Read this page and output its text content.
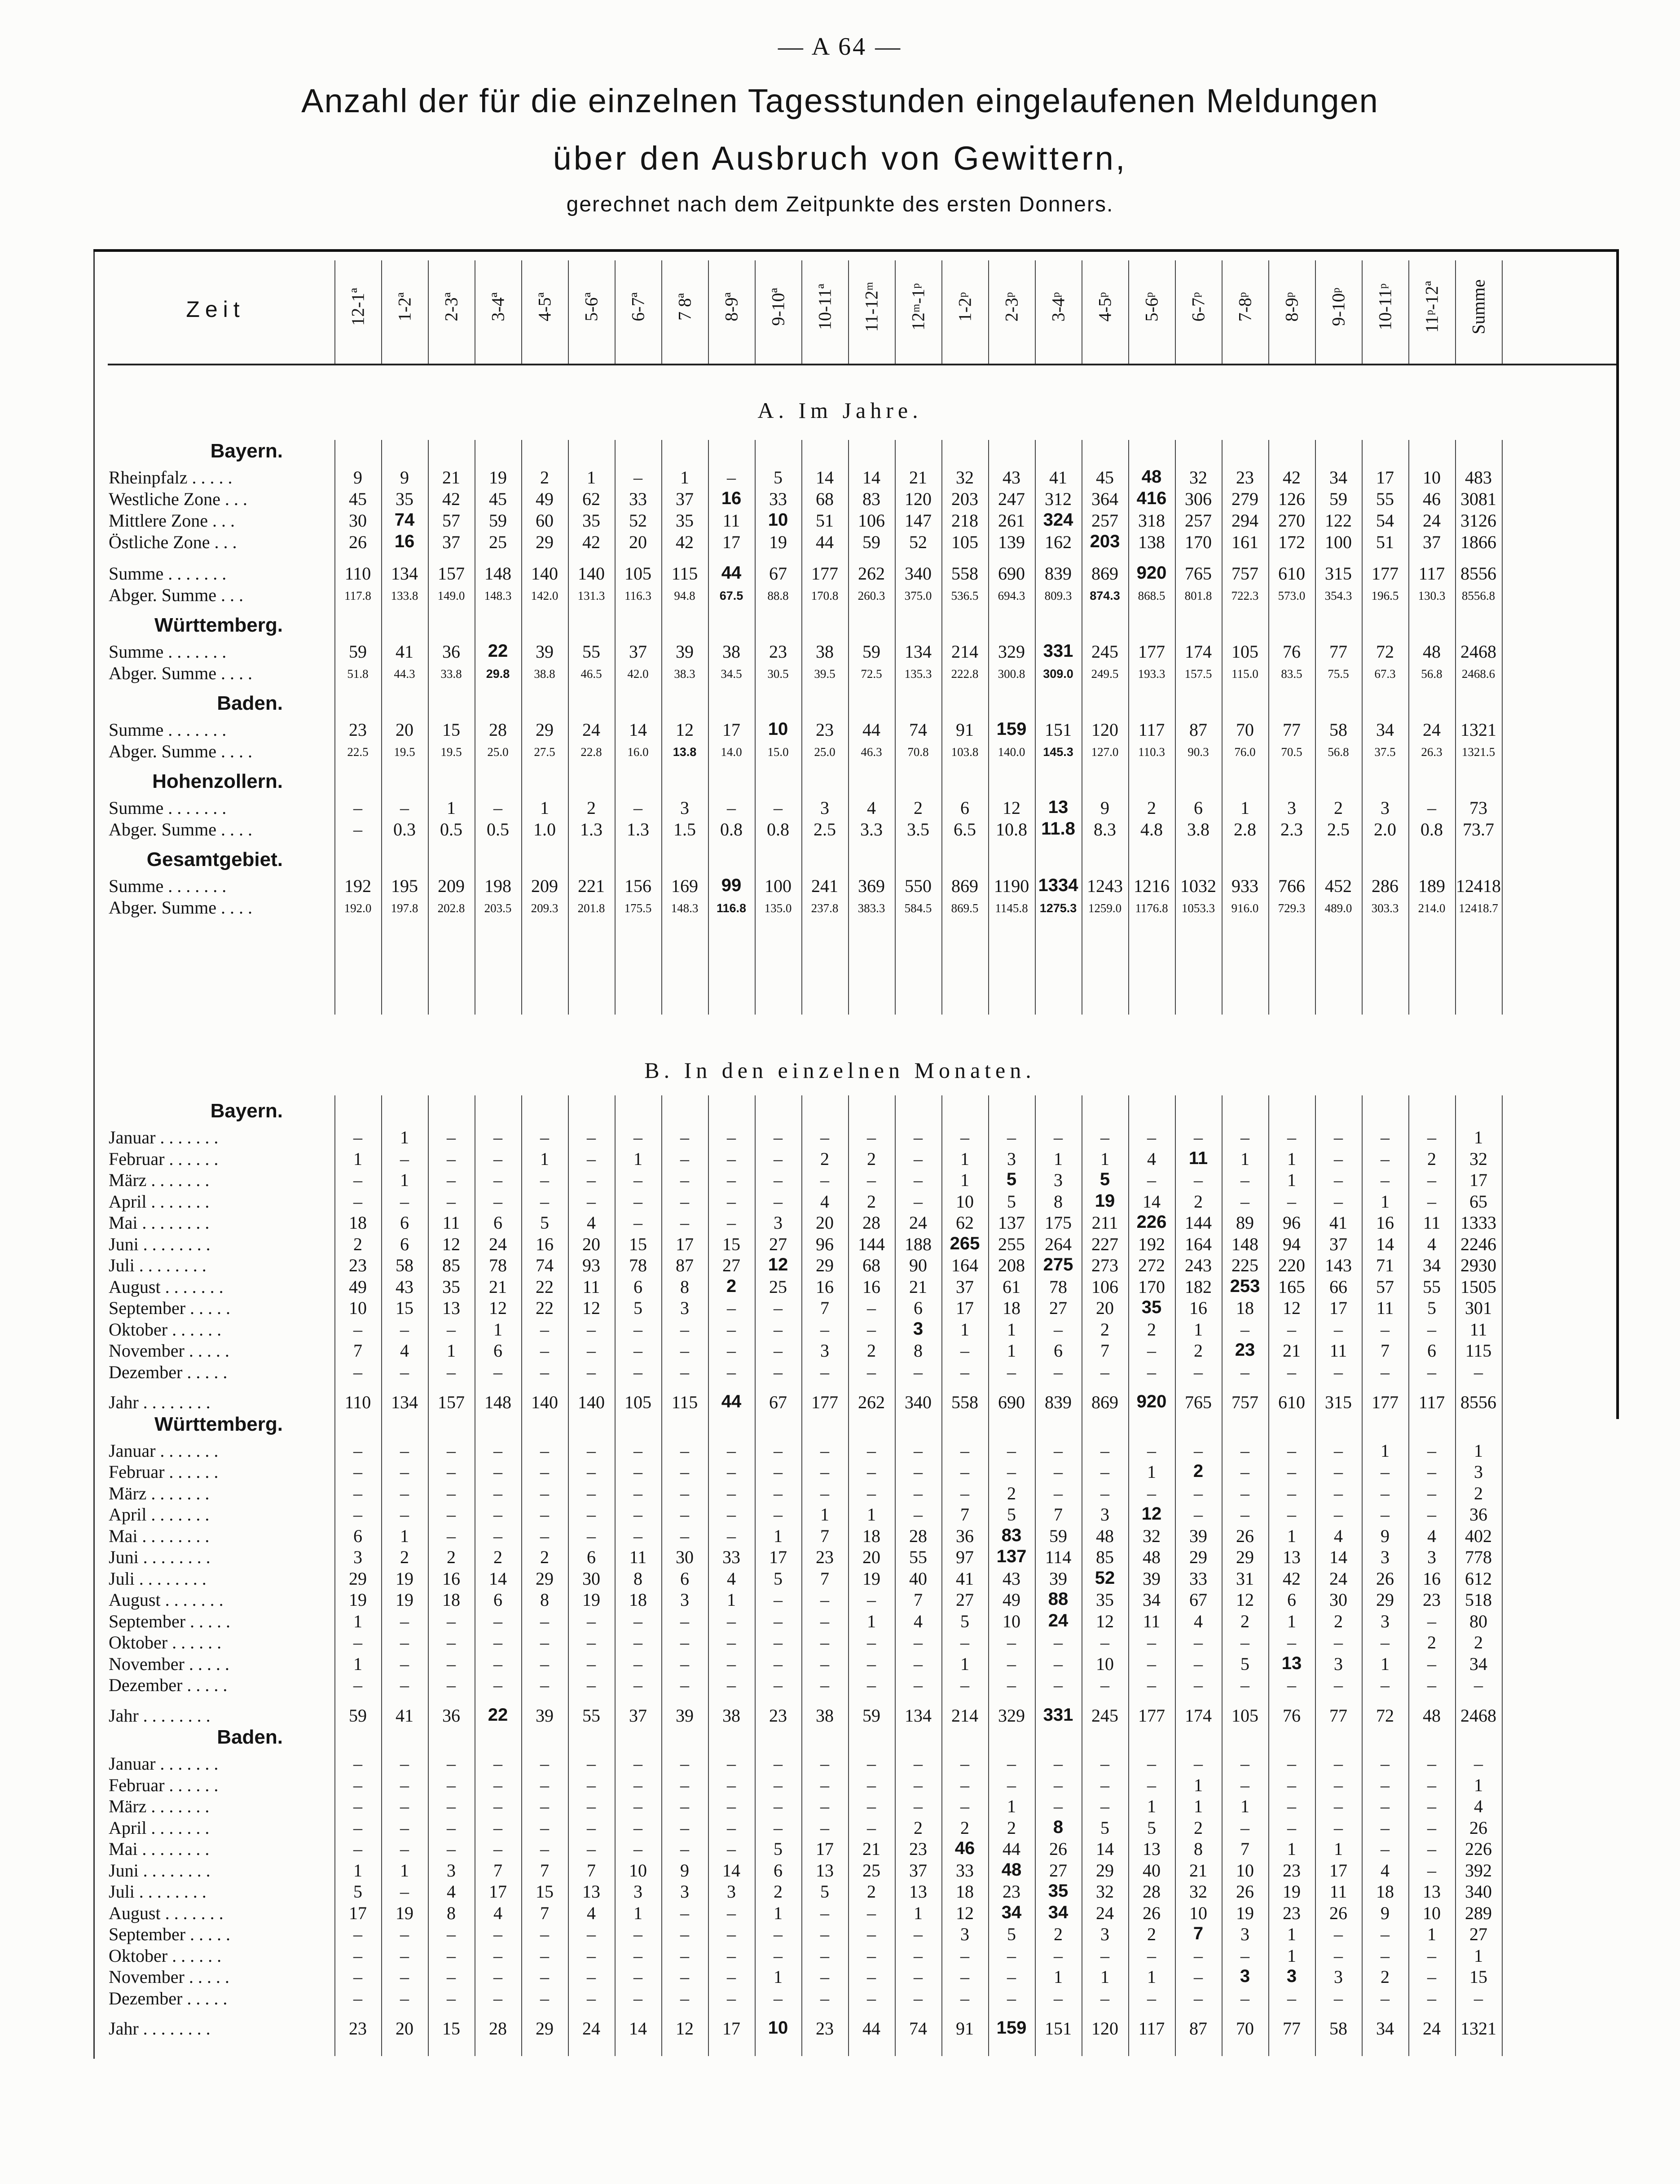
— A 64 —
Anzahl der für die einzelnen Tagesstunden eingelaufenen Meldungen
über den Ausbruch von Gewittern,
gerechnet nach dem Zeitpunkte des ersten Donners.
Zeit	12-1ª 1-2ª 2-3ª 3-4ª 4-5ª 5-6ª 6-7ª 7 8ª 8-9ª 9-10ª 10-11ª 11-12ᵐ 12ᵐ-1ᵖ 1-2ᵖ 2-3ᵖ 3-4ᵖ 4-5ᵖ 5-6ᵖ 6-7ᵖ 7-8ᵖ 8-9ᵖ 9-10ᵖ 10-11ᵖ 11ᵖ-12ª Summe
A. Im Jahre.
B. In den einzelnen Monaten.
Bayern.
Rheinpfalz . . . . .	9	9	21	19	2	1	–	1	–	5	14	14	21	32	43	41	45	48	32	23	42	34	17	10	483
Westliche Zone . . .	45	35	42	45	49	62	33	37	16	33	68	83	120	203	247	312	364	416	306	279	126	59	55	46	3081
Mittlere Zone . . .	30	74	57	59	60	35	52	35	11	10	51	106	147	218	261	324	257	318	257	294	270	122	54	24	3126
Östliche Zone . . .	26	16	37	25	29	42	20	42	17	19	44	59	52	105	139	162	203	138	170	161	172	100	51	37	1866
Summe . . . . . . .	110	134	157	148	140	140	105	115	44	67	177	262	340	558	690	839	869	920	765	757	610	315	177	117 8556
Abger. Summe . . .	117.8	133.8	149.0	148.3	142.0	131.3	116.3	94.8	67.5	88.8	170.8	260.3	375.0	536.5	694.3	809.3	874.3	868.5	801.8	722.3	573.0	354.3	196.5	130.3	8556.8
Württemberg.
Summe . . . . . . .	59	41	36	22	39	55	37	39	38	23	38	59	134	214	329	331	245	177	174	105	76	77	72	48	2468
Abger. Summe . . . .	51.8	44.3	33.8	29.8	38.8	46.5	42.0	38.3	34.5	30.5	39.5	72.5	135.3	222.8	300.8	309.0	249.5	193.3	157.5	115.0	83.5	75.5	67.3	56.8	2468.6
Baden.
Summe . . . . . . .	23	20	15	28	29	24	14	12	17	10	23	44	74	91	159	151	120	117	87	70	77	58	34	24	1321
Abger. Summe . . . .	22.5	19.5	19.5	25.0	27.5	22.8	16.0	13.8	14.0	15.0	25.0	46.3	70.8	103.8	140.0	145.3	127.0	110.3	90.3	76.0	70.5	56.8	37.5	26.3	1321.5
Hohenzollern.
Summe . . . . . . .	–	–	1	–	1	2	–	3	–	–	3	4	2	6	12	13	9	2	6	1	3	2	3	–	73
Abger. Summe . . . .	–	0.3	0.5	0.5	1.0	1.3	1.3	1.5	0.8	0.8	2.5	3.3	3.5	6.5	10.8 11.8	8.3	4.8	3.8	2.8	2.3	2.5	2.0	0.8	73.7
Gesamtgebiet.
Summe . . . . . . .	192	195	209	198	209	221	156	169	99	100	241	369	550	869 1190 1334 1243 1216 1032 933	766	452	286	189 12418
Abger. Summe . . . .	192.0	197.8	202.8	203.5	209.3	201.8	175.5	148.3	116.8	135.0	237.8	383.3	584.5	869.5	1145.8 1275.3 1259.0	1176.8	1053.3	916.0	729.3	489.0	303.3	214.0	12418.7
Bayern.
Januar . . . . . . .	–	1	–	–	–	–	–	–	–	–	–	–	–	–	–	–	–	–	–	–	–	–	–	–	1
Februar . . . . . .	1	–	–	–	1	–	1	–	–	–	2	2	–	1	3	1	1	4	11	1	1	–	–	2	32
März . . . . . . .	–	1	–	–	–	–	–	–	–	–	–	–	–	1	5	3	5	–	–	–	1	–	–	–	17
April . . . . . . .	–	–	–	–	–	–	–	–	–	–	4	2	–	10	5	8	19	14	2	–	–	–	1	–	65
Mai . . . . . . . .	18	6	11	6	5	4	–	–	–	3	20	28	24	62	137	175	211	226	144	89	96	41	16	11	1333
Juni . . . . . . . .	2	6	12	24	16	20	15	17	15	27	96	144	188	265	255	264	227	192	164	148	94	37	14	4	2246
Juli . . . . . . . .	23	58	85	78	74	93	78	87	27	12	29	68	90	164	208	275	273	272	243	225	220	143	71	34	2930
August . . . . . . .	49	43	35	21	22	11	6	8	2	25	16	16	21	37	61	78	106	170	182	253	165	66	57	55	1505
September . . . . .	10	15	13	12	22	12	5	3	–	–	7	–	6	17	18	27	20	35	16	18	12	17	11	5	301
Oktober . . . . . .	–	–	–	1	–	–	–	–	–	–	–	–	3	1	1	–	2	2	1	–	–	–	–	–	11
November . . . . .	7	4	1	6	–	–	–	–	–	–	3	2	8	–	1	6	7	–	2	23	21	11	7	6	115
Dezember . . . . .	–	–	–	–	–	–	–	–	–	–	–	–	–	–	–	–	–	–	–	–	–	–	–	–	–
Jahr . . . . . . . .	110	134	157	148	140	140	105	115	44	67	177	262	340	558	690	839	869	920	765	757	610	315	177	117 8556
Württemberg.
Januar . . . . . . .	–	–	–	–	–	–	–	–	–	–	–	–	–	–	–	–	–	–	–	–	–	–	1	–	1
Februar . . . . . .	–	–	–	–	–	–	–	–	–	–	–	–	–	–	–	–	–	1	2	–	–	–	–	–	3
März . . . . . . .	–	–	–	–	–	–	–	–	–	–	–	–	–	–	2	–	–	–	–	–	–	–	–	–	2
April . . . . . . .	–	–	–	–	–	–	–	–	–	–	1	1	–	7	5	7	3	12	–	–	–	–	–	–	36
Mai . . . . . . . .	6	1	–	–	–	–	–	–	–	1	7	18	28	36	83	59	48	32	39	26	1	4	9	4	402
Juni . . . . . . . .	3	2	2	2	2	6	11	30	33	17	23	20	55	97	137	114	85	48	29	29	13	14	3	3	778
Juli . . . . . . . .	29	19	16	14	29	30	8	6	4	5	7	19	40	41	43	39	52	39	33	31	42	24	26	16	612
August . . . . . . .	19	19	18	6	8	19	18	3	1	–	–	–	7	27	49	88	35	34	67	12	6	30	29	23	518
September . . . . .	1	–	–	–	–	–	–	–	–	–	–	1	4	5	10	24	12	11	4	2	1	2	3	–	80
Oktober . . . . . .	–	–	–	–	–	–	–	–	–	–	–	–	–	–	–	–	–	–	–	–	–	–	–	2	2
November . . . . .	1	–	–	–	–	–	–	–	–	–	–	–	–	1	–	–	10	–	–	5	13	3	1	–	34
Dezember . . . . .	–	–	–	–	–	–	–	–	–	–	–	–	–	–	–	–	–	–	–	–	–	–	–	–	–
Jahr . . . . . . . .	59	41	36	22	39	55	37	39	38	23	38	59	134	214	329	331	245	177	174	105	76	77	72	48	2468
Baden.
Januar . . . . . . .	–	–	–	–	–	–	–	–	–	–	–	–	–	–	–	–	–	–	–	–	–	–	–	–	–
Februar . . . . . .	–	–	–	–	–	–	–	–	–	–	–	–	–	–	–	–	–	–	1	–	–	–	–	–	1
März . . . . . . .	–	–	–	–	–	–	–	–	–	–	–	–	–	–	1	–	–	1	1	1	–	–	–	–	4
April . . . . . . .	–	–	–	–	–	–	–	–	–	–	–	–	2	2	2	8	5	5	2	–	–	–	–	–	26
Mai . . . . . . . .	–	–	–	–	–	–	–	–	–	5	17	21	23	46	44	26	14	13	8	7	1	1	–	–	226
Juni . . . . . . . .	1	1	3	7	7	7	10	9	14	6	13	25	37	33	48	27	29	40	21	10	23	17	4	–	392
Juli . . . . . . . .	5	–	4	17	15	13	3	3	3	2	5	2	13	18	23	35	32	28	32	26	19	11	18	13	340
August . . . . . . .	17	19	8	4	7	4	1	–	–	1	–	–	1	12	34	34	24	26	10	19	23	26	9	10	289
September . . . . .	–	–	–	–	–	–	–	–	–	–	–	–	–	3	5	2	3	2	7	3	1	–	–	1	27
Oktober . . . . . .	–	–	–	–	–	–	–	–	–	–	–	–	–	–	–	–	–	–	–	–	1	–	–	–	1
November . . . . .	–	–	–	–	–	–	–	–	–	1	–	–	–	–	–	1	1	1	–	3	3	3	2	–	15
Dezember . . . . .	–	–	–	–	–	–	–	–	–	–	–	–	–	–	–	–	–	–	–	–	–	–	–	–	–
Jahr . . . . . . . .	23	20	15	28	29	24	14	12	17	10	23	44	74	91	159	151	120	117	87	70	77	58	34	24	1321
